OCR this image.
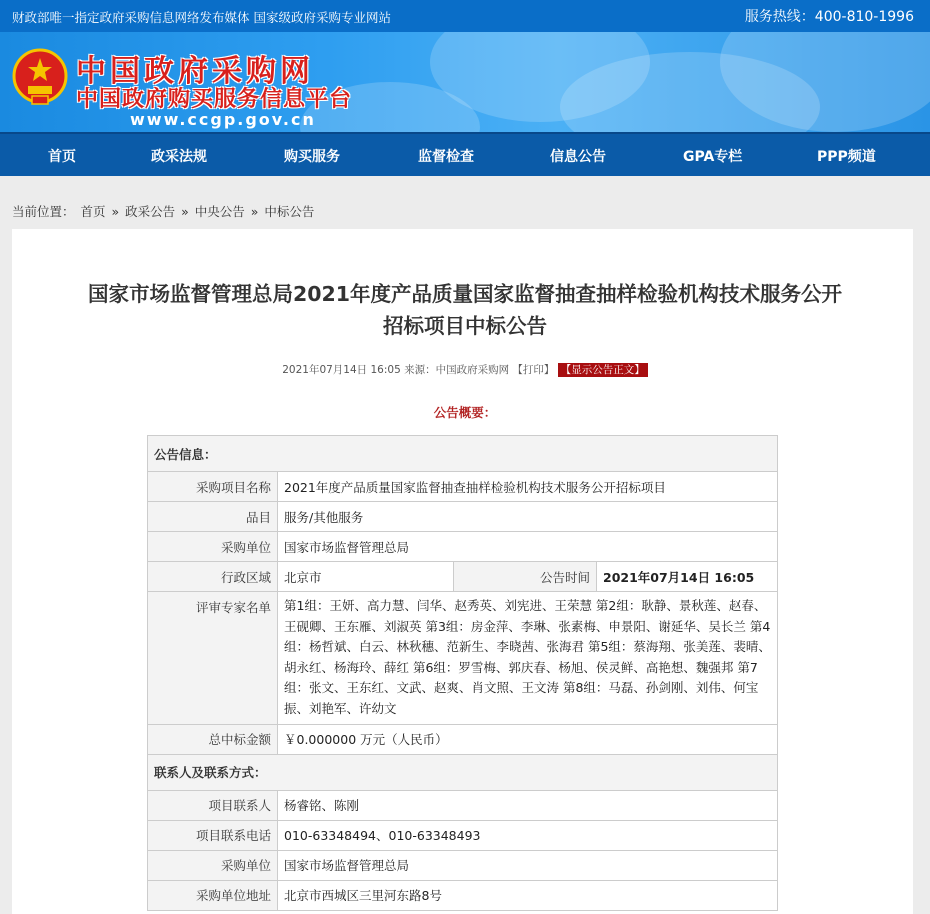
财政部唯一指定政府采购信息网络发布媒体 国家级政府采购专业网站	服务热线：400-810-1996
中国政府采购网
中国政府购买服务信息平台
www.ccgp.gov.cn
首页	政采法规	购买服务	监督检查	信息公告	GPA专栏	PPP频道
当前位置： 首页 » 政采公告 » 中央公告 » 中标公告
国家市场监督管理总局2021年度产品质量国家监督抽查抽样检验机构技术服务公开
招标项目中标公告
2021年07月14日 16:05 来源：中国政府采购网 【打印】 【显示公告正文】
公告概要：
公告信息：			
采购项目名称	2021年度产品质量国家监督抽查抽样检验机构技术服务公开招标项目		
品目	服务/其他服务		
采购单位	国家市场监督管理总局		
行政区域	北京市	公告时间	2021年07月14日 16:05
评审专家名单	第1组：王妍、高力慧、闫华、赵秀英、刘宪进、王荣慧 第2组：耿静、景秋莲、赵春、王砚卿、王东雁、刘淑英 第3组：房金萍、李琳、张素梅、申景阳、谢延华、吴长兰 第4组：杨哲斌、白云、林秋穗、范新生、李晓茜、张海君 第5组：蔡海翔、张美莲、裴晴、胡永红、杨海玲、薛红 第6组：罗雪梅、郭庆春、杨旭、侯灵鲜、高艳想、魏强邦 第7组：张文、王东红、文武、赵爽、肖文照、王文涛 第8组：马磊、孙剑刚、刘伟、何宝振、刘艳军、许幼文		
总中标金额	￥0.000000 万元（人民币）		
联系人及联系方式：			
项目联系人	杨睿铭、陈刚		
项目联系电话	010-63348494、010-63348493		
采购单位	国家市场监督管理总局		
采购单位地址	北京市西城区三里河东路8号		
